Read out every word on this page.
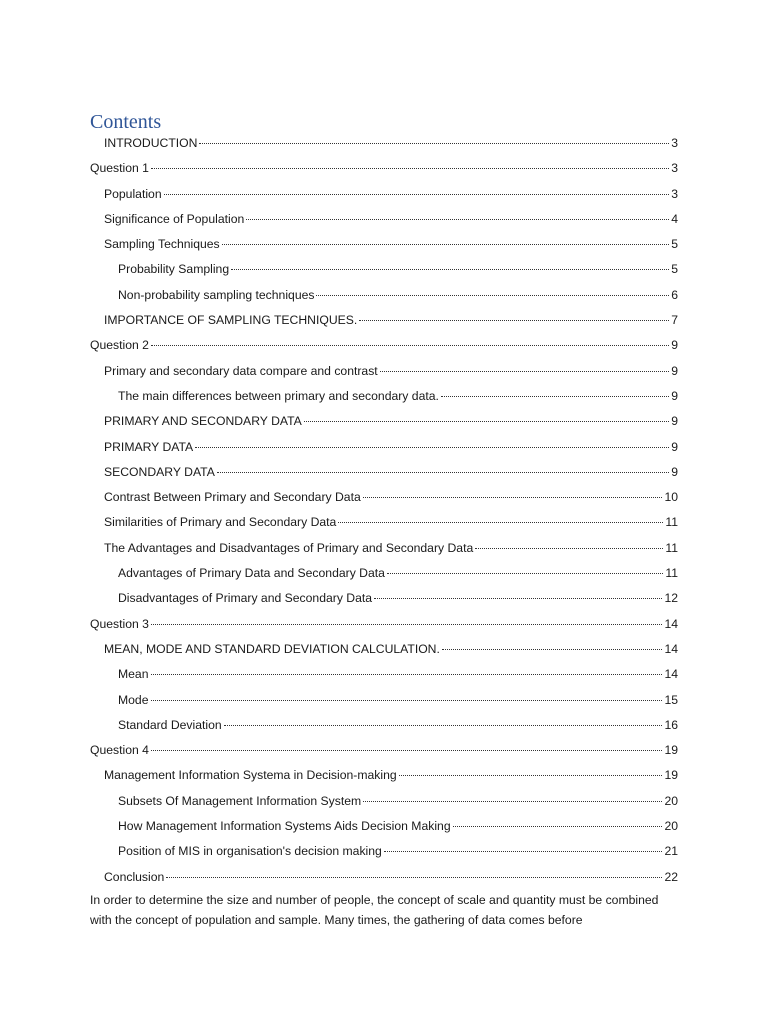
Contents
INTRODUCTION	3
Question 1	3
Population	3
Significance of Population	4
Sampling Techniques	5
Probability Sampling	5
Non-probability sampling techniques	6
IMPORTANCE OF SAMPLING TECHNIQUES.	7
Question 2	9
Primary and secondary data compare and contrast	9
The main differences between primary and secondary data.	9
PRIMARY AND SECONDARY DATA	9
PRIMARY DATA	9
SECONDARY DATA	9
Contrast Between Primary and Secondary Data	10
Similarities of Primary and Secondary Data	11
The Advantages and Disadvantages of Primary and Secondary Data	11
Advantages of Primary Data and Secondary Data	11
Disadvantages of Primary and Secondary Data	12
Question 3	14
MEAN, MODE AND STANDARD DEVIATION CALCULATION.	14
Mean	14
Mode	15
Standard Deviation	16
Question 4	19
Management Information Systema in Decision-making	19
Subsets Of Management Information System	20
How Management Information Systems Aids Decision Making	20
Position of MIS in organisation's decision making	21
Conclusion	22

In order to determine the size and number of people, the concept of scale and quantity must be combined with the concept of population and sample. Many times, the gathering of data comes before
